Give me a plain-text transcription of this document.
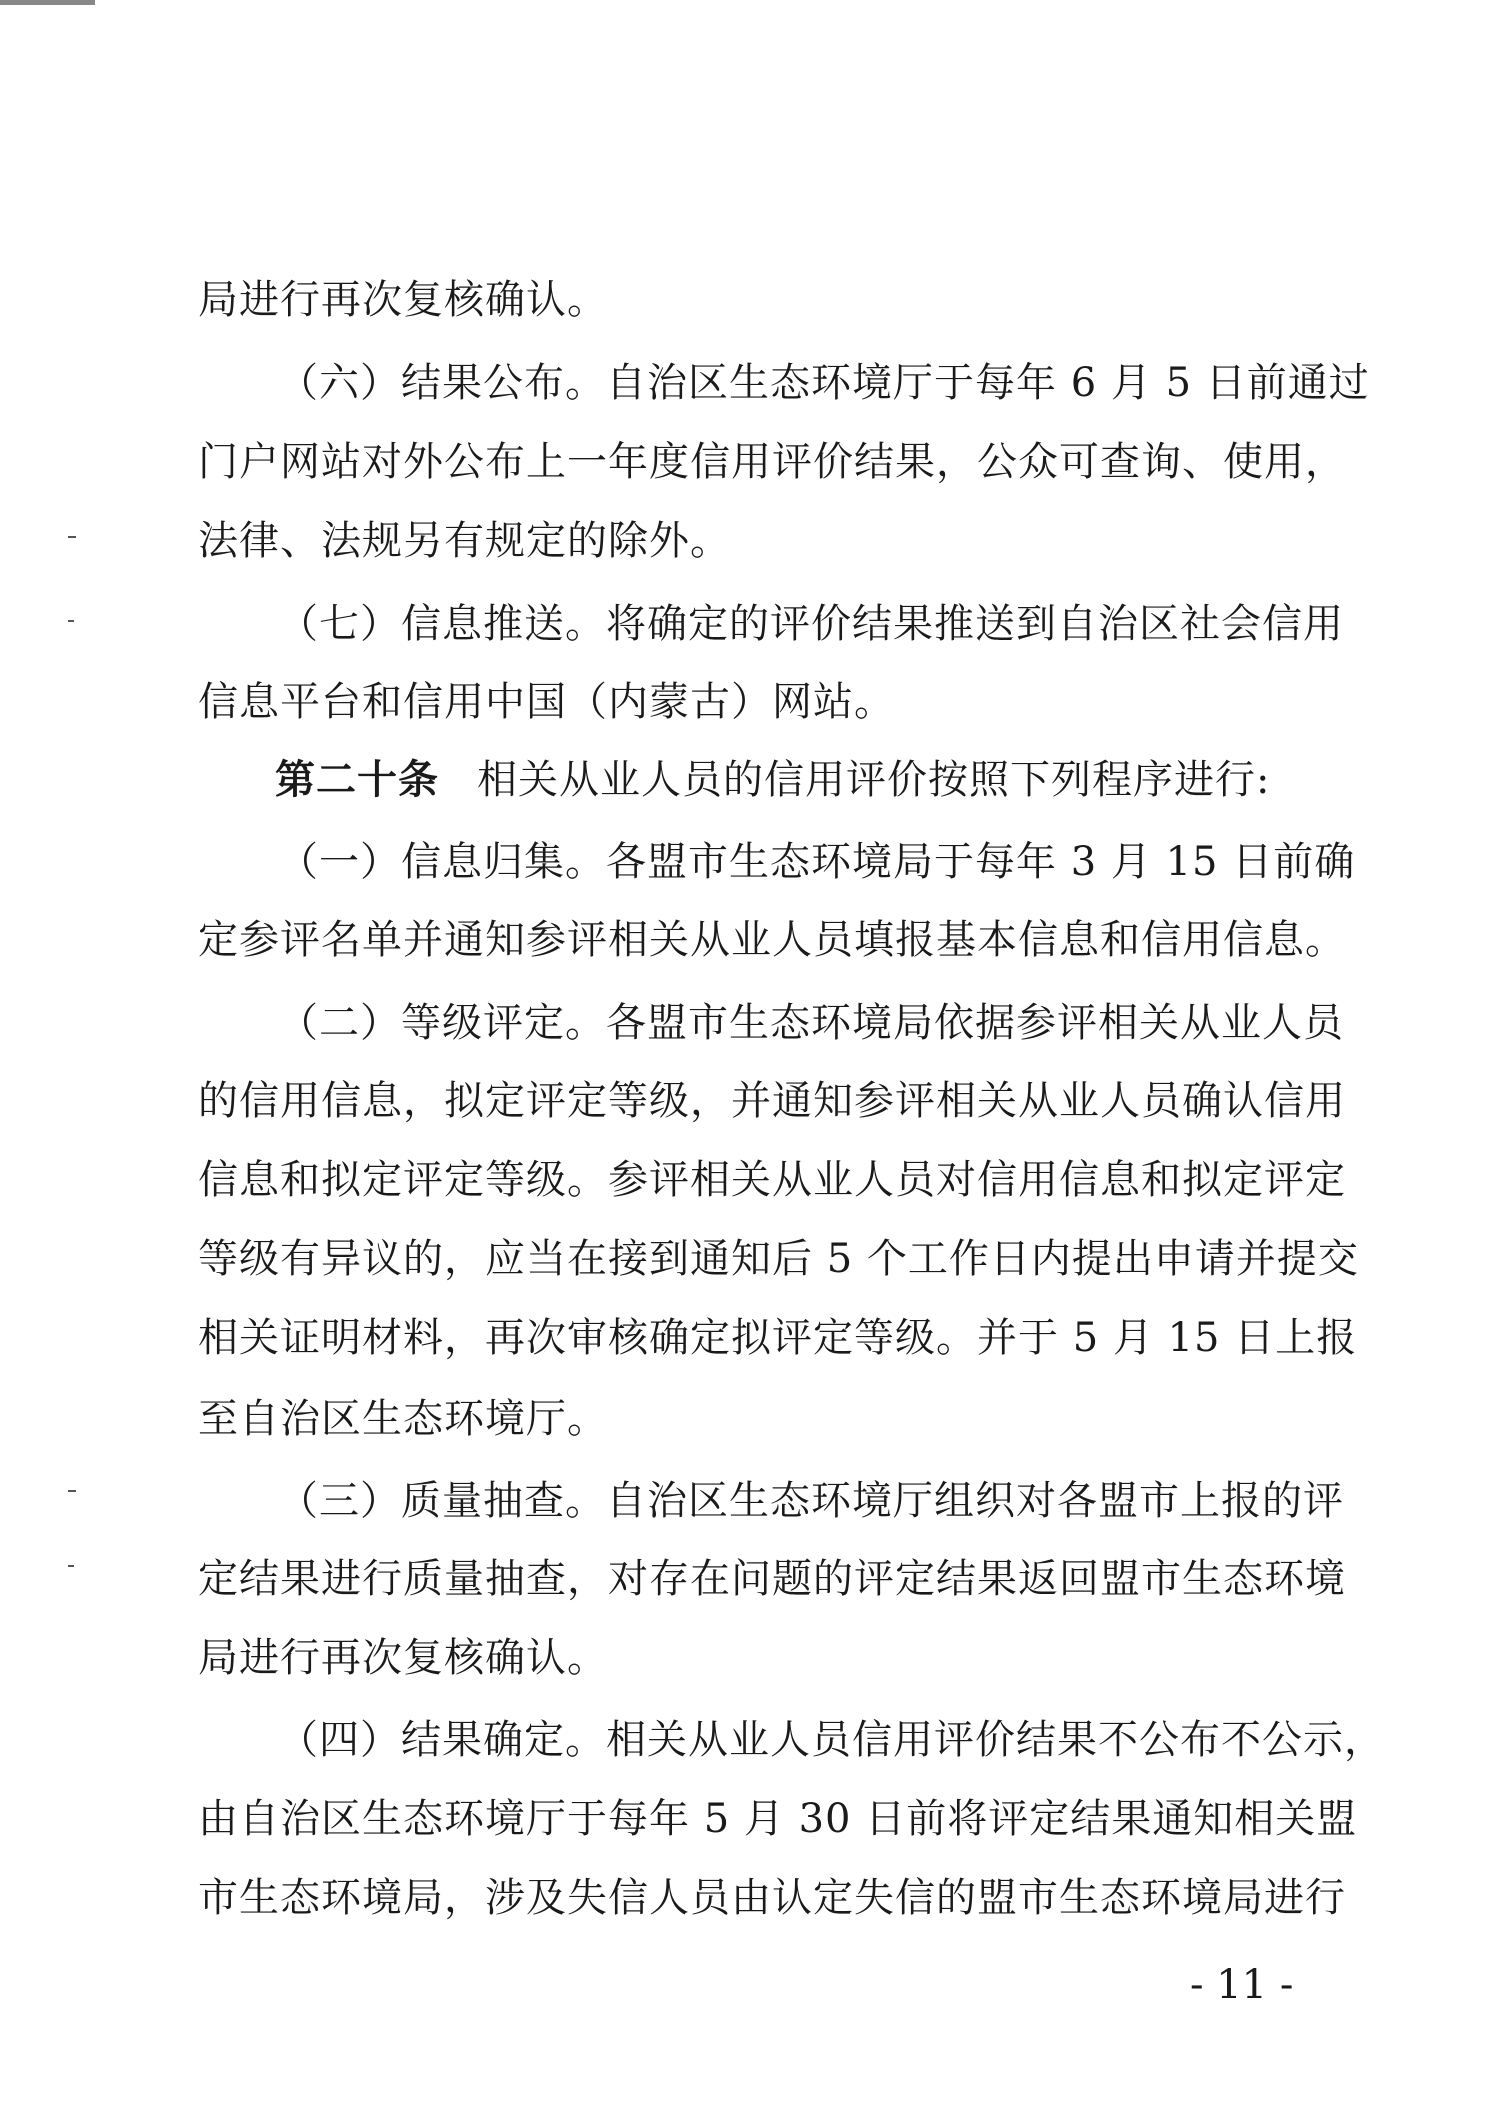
局进行再次复核确认。
（六）结果公布。自治区生态环境厅于每年 6 月 5 日前通过
门户网站对外公布上一年度信用评价结果，公众可查询、使用，
法律、法规另有规定的除外。
（七）信息推送。将确定的评价结果推送到自治区社会信用
信息平台和信用中国（内蒙古）网站。
第二十条 相关从业人员的信用评价按照下列程序进行:
（一）信息归集。各盟市生态环境局于每年 3 月 15 日前确
定参评名单并通知参评相关从业人员填报基本信息和信用信息。
（二）等级评定。各盟市生态环境局依据参评相关从业人员
的信用信息，拟定评定等级，并通知参评相关从业人员确认信用
信息和拟定评定等级。参评相关从业人员对信用信息和拟定评定
等级有异议的，应当在接到通知后 5 个工作日内提出申请并提交
相关证明材料，再次审核确定拟评定等级。并于 5 月 15 日上报
至自治区生态环境厅。
（三）质量抽查。自治区生态环境厅组织对各盟市上报的评
定结果进行质量抽查，对存在问题的评定结果返回盟市生态环境
局进行再次复核确认。
（四）结果确定。相关从业人员信用评价结果不公布不公示，
由自治区生态环境厅于每年 5 月 30 日前将评定结果通知相关盟
市生态环境局，涉及失信人员由认定失信的盟市生态环境局进行
- 11 -
